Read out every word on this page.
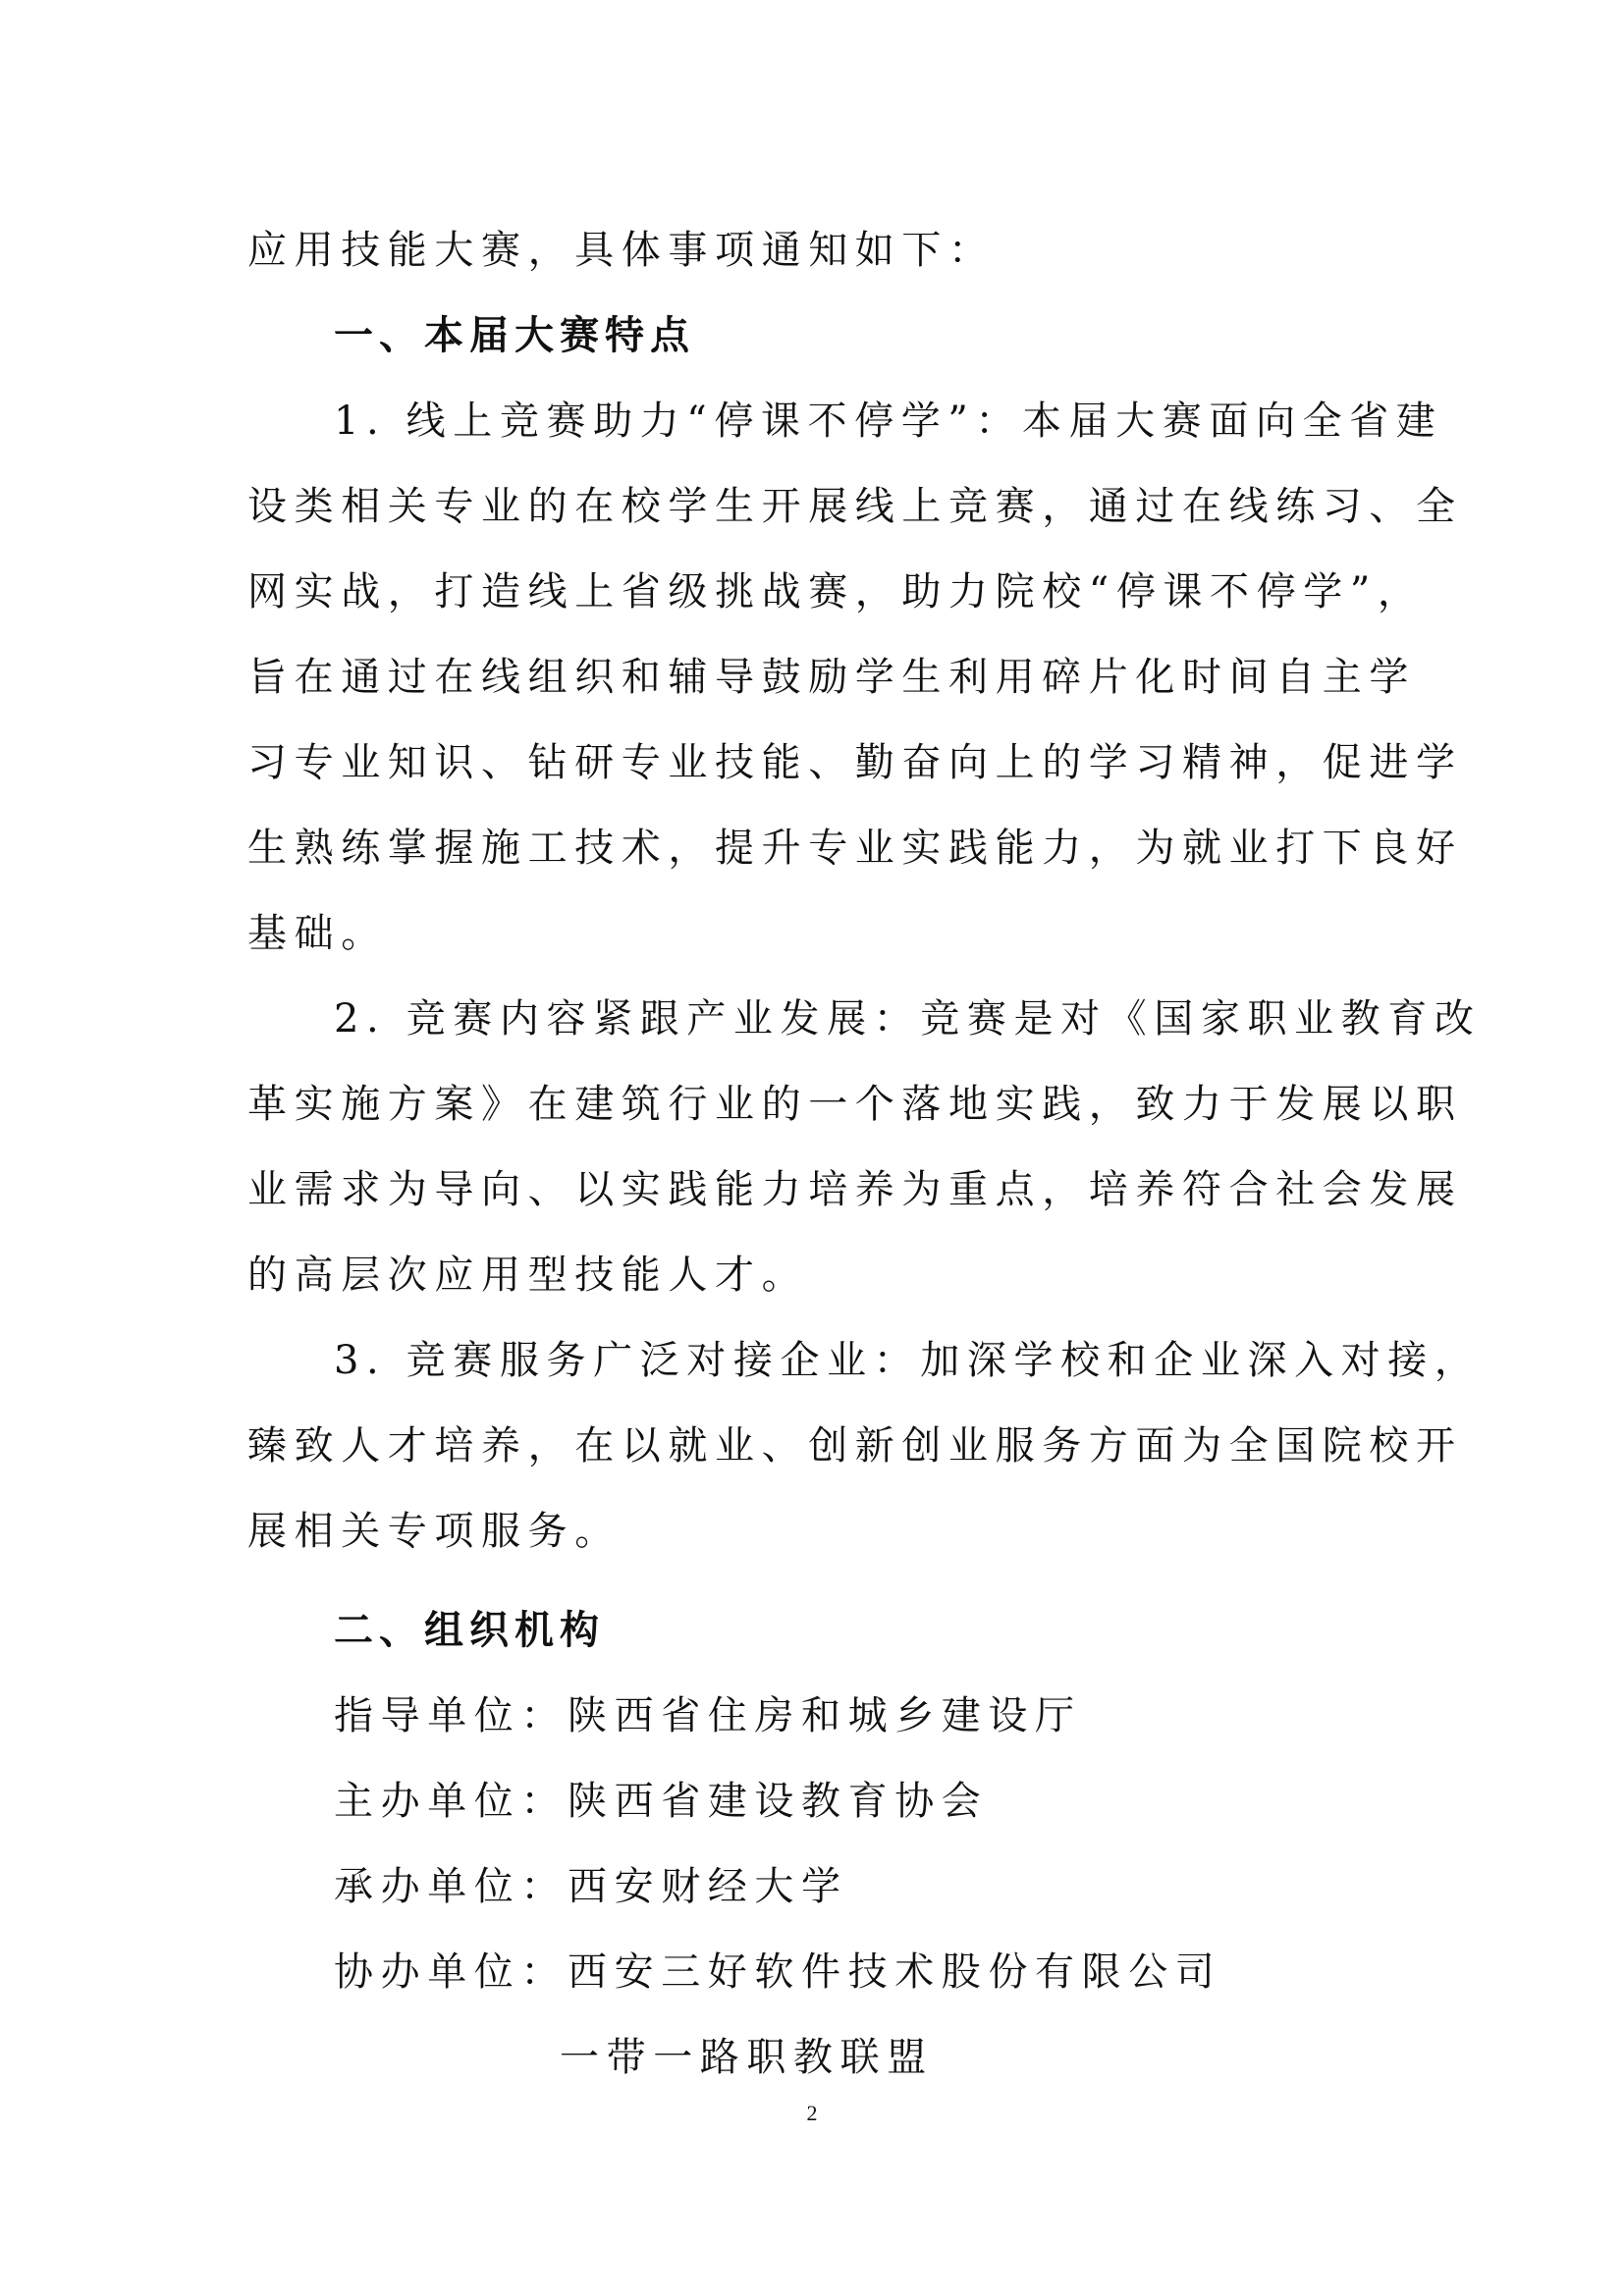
应用技能大赛，具体事项通知如下：
一、本届大赛特点
1. 线上竞赛助力“停课不停学”：本届大赛面向全省建
设类相关专业的在校学生开展线上竞赛，通过在线练习、全
网实战，打造线上省级挑战赛，助力院校“停课不停学”，
旨在通过在线组织和辅导鼓励学生利用碎片化时间自主学
习专业知识、钻研专业技能、勤奋向上的学习精神，促进学
生熟练掌握施工技术，提升专业实践能力，为就业打下良好
基础。
2. 竞赛内容紧跟产业发展：竞赛是对《国家职业教育改
革实施方案》在建筑行业的一个落地实践，致力于发展以职
业需求为导向、以实践能力培养为重点，培养符合社会发展
的高层次应用型技能人才。
3. 竞赛服务广泛对接企业：加深学校和企业深入对接，
臻致人才培养，在以就业、创新创业服务方面为全国院校开
展相关专项服务。
二、组织机构
指导单位：陕西省住房和城乡建设厅
主办单位：陕西省建设教育协会
承办单位：西安财经大学
协办单位：西安三好软件技术股份有限公司
一带一路职教联盟
2
